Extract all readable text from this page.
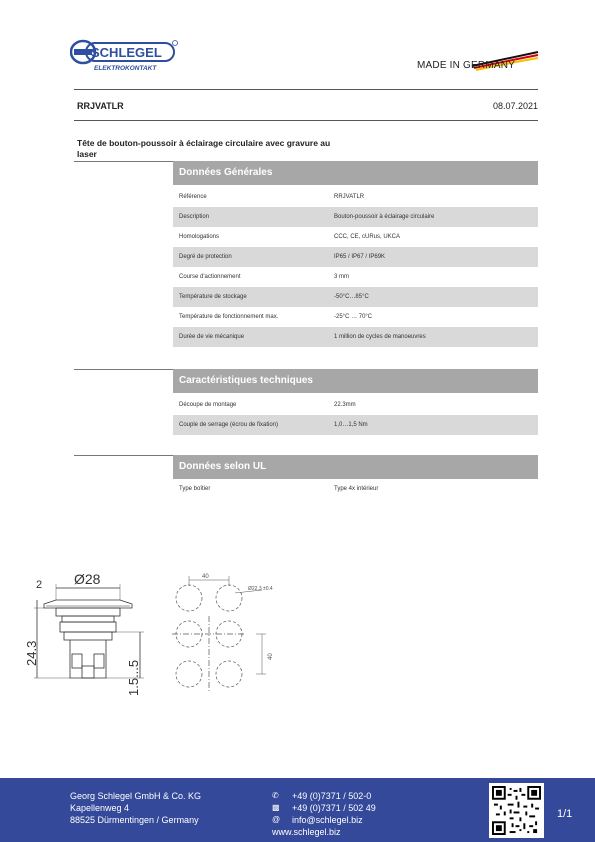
SCHLEGEL
ELEKTROKONTAKT	MADE IN GERMANY
RRJVATLR	08.07.2021
Tête de bouton-poussoir à éclairage circulaire avec gravure au laser
Données Générales
Référence	RRJVATLR
Description	Bouton-poussoir à éclairage circulaire
Homologations	CCC, CE, cURus, UKCA
Degré de protection	IP65 / IP67 / IP69K
Course d'actionnement	3 mm
Température de stockage	-50°C…85°C
Température de fonctionnement max.	-25°C … 70°C
Durée de vie mécanique	1 million de cycles de manoeuvres
Caractéristiques techniques
Découpe de montage	22.3mm
Couple de serrage (écrou de fixation)	1,0…1,5 Nm
Données selon UL
Type boîtier	Type 4x intérieur
2 Ø28
24.3
1.5...5
40
Ø22.3 ±0.4
40
Georg Schlegel GmbH & Co. KG
Kapellenweg 4
88525 Dürmentingen / Germany
✆	+49 (0)7371 / 502-0
▩	+49 (0)7371 / 502 49
@	info@schlegel.biz
www.schlegel.biz
1/1
